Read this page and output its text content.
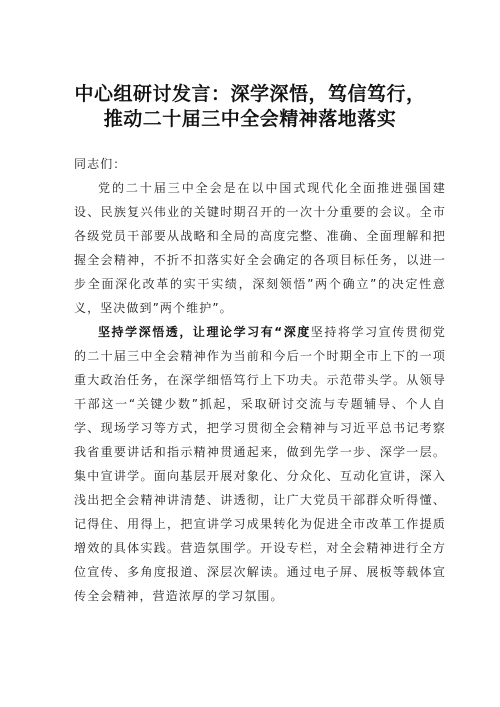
中心组研讨发言：深学深悟，笃信笃行，
推动二十届三中全会精神落地落实

同志们：

党的二十届三中全会是在以中国式现代化全面推进强国建设、民族复兴伟业的关键时期召开的一次十分重要的会议。全市各级党员干部要从战略和全局的高度完整、准确、全面理解和把握全会精神，不折不扣落实好全会确定的各项目标任务，以进一步全面深化改革的实干实绩，深刻领悟”两个确立”的决定性意义，坚决做到”两个维护”。

坚持学深悟透，让理论学习有“深度坚持将学习宣传贯彻党的二十届三中全会精神作为当前和今后一个时期全市上下的一项重大政治任务，在深学细悟笃行上下功夫。示范带头学。从领导干部这一“关键少数”抓起，采取研讨交流与专题辅导、个人自学、现场学习等方式，把学习贯彻全会精神与习近平总书记考察我省重要讲话和指示精神贯通起来，做到先学一步、深学一层。集中宣讲学。面向基层开展对象化、分众化、互动化宣讲，深入浅出把全会精神讲清楚、讲透彻，让广大党员干部群众听得懂、记得住、用得上，把宣讲学习成果转化为促进全市改革工作提质增效的具体实践。营造氛围学。开设专栏，对全会精神进行全方位宣传、多角度报道、深层次解读。通过电子屏、展板等载体宣传全会精神，营造浓厚的学习氛围。
